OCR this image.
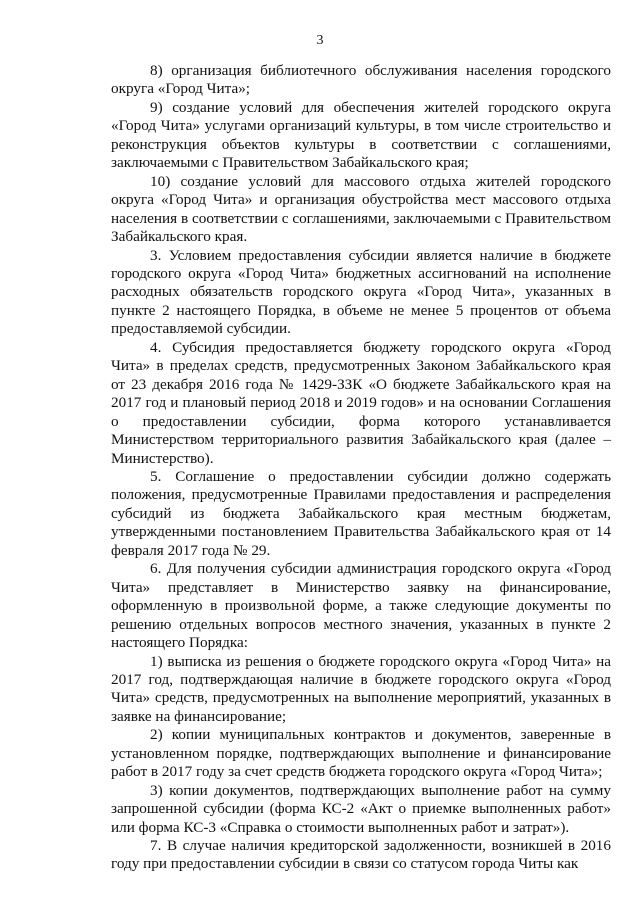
3

8) организация библиотечного обслуживания населения городского округа «Город Чита»;

9) создание условий для обеспечения жителей городского округа «Город Чита» услугами организаций культуры, в том числе строительство и реконструкция объектов культуры в соответствии с соглашениями, заключаемыми с Правительством Забайкальского края;

10) создание условий для массового отдыха жителей городского округа «Город Чита» и организация обустройства мест массового отдыха населения в соответствии с соглашениями, заключаемыми с Правительством Забайкальского края.

3. Условием предоставления субсидии является наличие в бюджете городского округа «Город Чита» бюджетных ассигнований на исполнение расходных обязательств городского округа «Город Чита», указанных в пункте 2 настоящего Порядка, в объеме не менее 5 процентов от объема предоставляемой субсидии.

4. Субсидия предоставляется бюджету городского округа «Город Чита» в пределах средств, предусмотренных Законом Забайкальского края от 23 декабря 2016 года № 1429-ЗЗК «О бюджете Забайкальского края на 2017 год и плановый период 2018 и 2019 годов» и на основании Соглашения о предоставлении субсидии, форма которого устанавливается Министерством территориального развития Забайкальского края (далее – Министерство).

5. Соглашение о предоставлении субсидии должно содержать положения, предусмотренные Правилами предоставления и распределения субсидий из бюджета Забайкальского края местным бюджетам, утвержденными постановлением Правительства Забайкальского края от 14 февраля 2017 года № 29.

6. Для получения субсидии администрация городского округа «Город Чита» представляет в Министерство заявку на финансирование, оформленную в произвольной форме, а также следующие документы по решению отдельных вопросов местного значения, указанных в пункте 2 настоящего Порядка:

1) выписка из решения о бюджете городского округа «Город Чита» на 2017 год, подтверждающая наличие в бюджете городского округа «Город Чита» средств, предусмотренных на выполнение мероприятий, указанных в заявке на финансирование;

2) копии муниципальных контрактов и документов, заверенные в установленном порядке, подтверждающих выполнение и финансирование работ в 2017 году за счет средств бюджета городского округа «Город Чита»;

3) копии документов, подтверждающих выполнение работ на сумму запрошенной субсидии (форма КС-2 «Акт о приемке выполненных работ» или форма КС-3 «Справка о стоимости выполненных работ и затрат»).

7. В случае наличия кредиторской задолженности, возникшей в 2016 году при предоставлении субсидии в связи со статусом города Читы как
